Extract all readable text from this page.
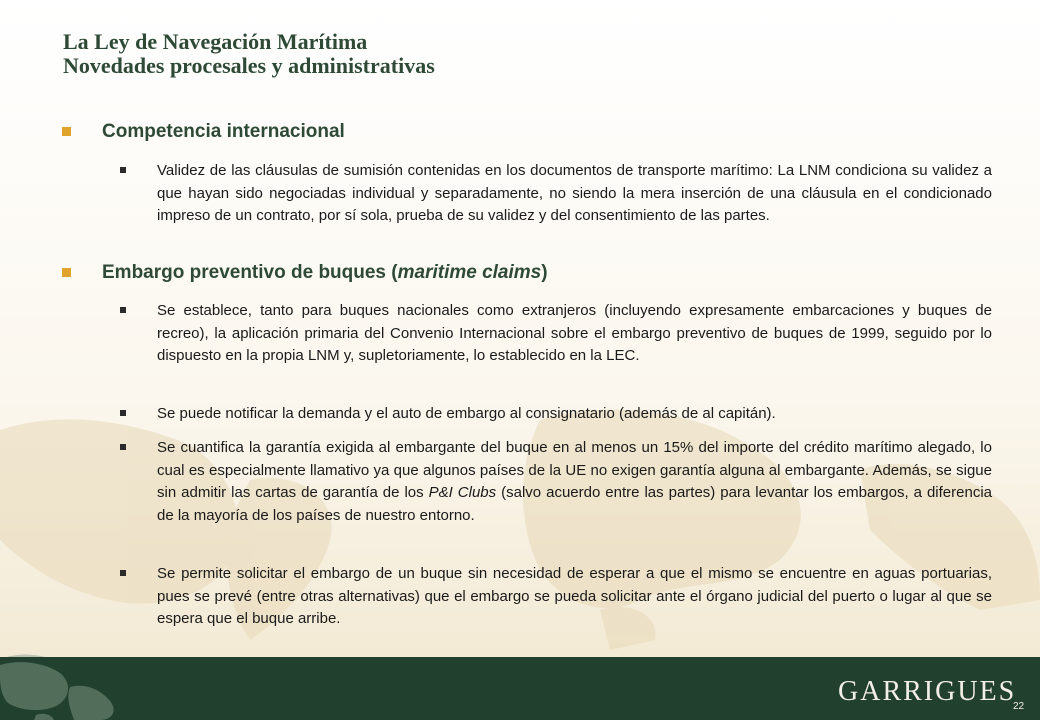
La Ley de Navegación Marítima
Novedades procesales y administrativas
Competencia internacional
Validez de las cláusulas de sumisión contenidas en los documentos de transporte marítimo: La LNM condiciona su validez a que hayan sido negociadas individual y separadamente, no siendo la mera inserción de una cláusula en el condicionado impreso de un contrato, por sí sola, prueba de su validez y del consentimiento de las partes.
Embargo preventivo de buques (maritime claims)
Se establece, tanto para buques nacionales como extranjeros (incluyendo expresamente embarcaciones y buques de recreo), la aplicación primaria del Convenio Internacional sobre el embargo preventivo de buques de 1999, seguido por lo dispuesto en la propia LNM y, supletoriamente, lo establecido en la LEC.
Se puede notificar la demanda y el auto de embargo al consignatario (además de al capitán).
Se cuantifica la garantía exigida al embargante del buque en al menos un 15% del importe del crédito marítimo alegado, lo cual es especialmente llamativo ya que algunos países de la UE no exigen garantía alguna al embargante. Además, se sigue sin admitir las cartas de garantía de los P&I Clubs (salvo acuerdo entre las partes) para levantar los embargos, a diferencia de la mayoría de los países de nuestro entorno.
Se permite solicitar el embargo de un buque sin necesidad de esperar a que el mismo se encuentre en aguas portuarias, pues se prevé (entre otras alternativas) que el embargo se pueda solicitar ante el órgano judicial del puerto o lugar al que se espera que el buque arribe.
GARRIGUES
22
